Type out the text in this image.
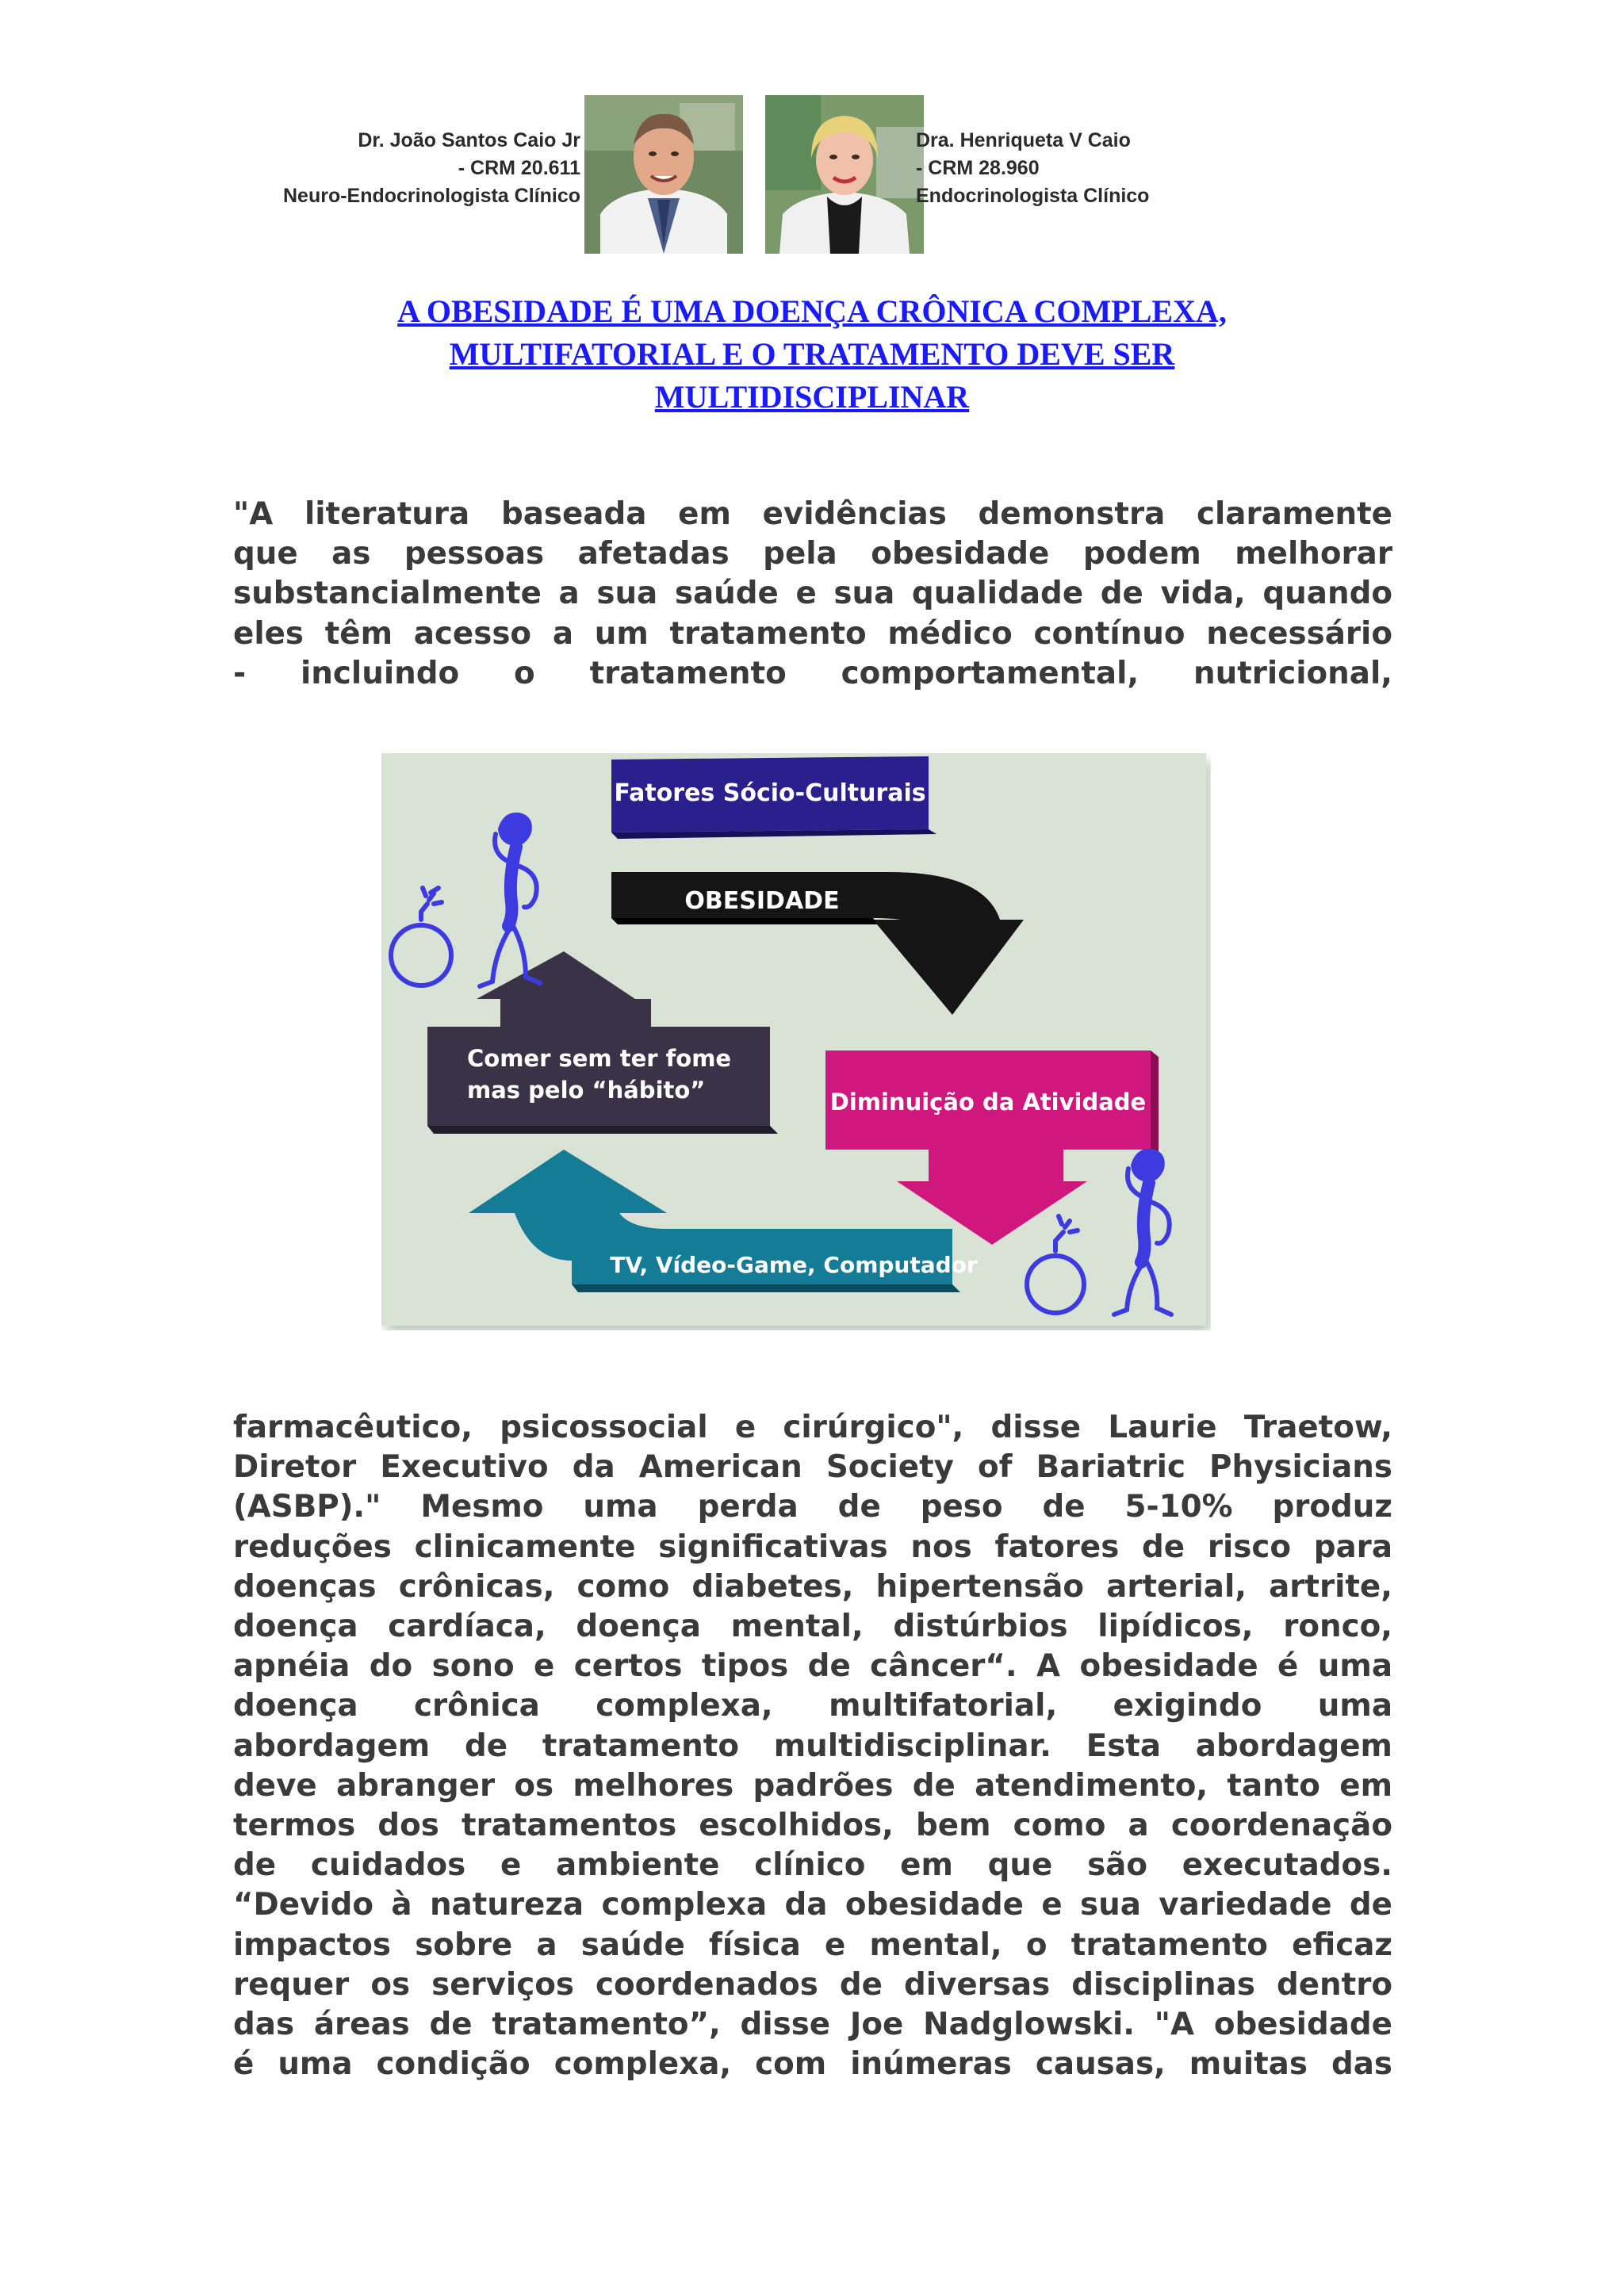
Dr. João Santos Caio Jr
- CRM 20.611
Neuro-Endocrinologista Clínico
Dra. Henriqueta V Caio
- CRM 28.960
Endocrinologista Clínico
A OBESIDADE É UMA DOENÇA CRÔNICA COMPLEXA,
MULTIFATORIAL E O TRATAMENTO DEVE SER
MULTIDISCIPLINAR
"A literatura baseada em evidências demonstra claramente
que as pessoas afetadas pela obesidade podem melhorar
substancialmente a sua saúde e sua qualidade de vida, quando
eles têm acesso a um tratamento médico contínuo necessário
- incluindo o tratamento comportamental, nutricional,
Fatores Sócio-Culturais
OBESIDADE
Comer sem ter fome
mas pelo “hábito”	Diminuição da Atividade
TV, Vídeo-Game, Computador
farmacêutico, psicossocial e cirúrgico", disse Laurie Traetow,
Diretor Executivo da American Society of Bariatric Physicians
(ASBP)." Mesmo uma perda de peso de 5-10% produz
reduções clinicamente significativas nos fatores de risco para
doenças crônicas, como diabetes, hipertensão arterial, artrite,
doença cardíaca, doença mental, distúrbios lipídicos, ronco,
apnéia do sono e certos tipos de câncer“. A obesidade é uma
doença crônica complexa, multifatorial, exigindo uma
abordagem de tratamento multidisciplinar. Esta abordagem
deve abranger os melhores padrões de atendimento, tanto em
termos dos tratamentos escolhidos, bem como a coordenação
de cuidados e ambiente clínico em que são executados.
“Devido à natureza complexa da obesidade e sua variedade de
impactos sobre a saúde física e mental, o tratamento eficaz
requer os serviços coordenados de diversas disciplinas dentro
das áreas de tratamento”, disse Joe Nadglowski. "A obesidade
é uma condição complexa, com inúmeras causas, muitas das
